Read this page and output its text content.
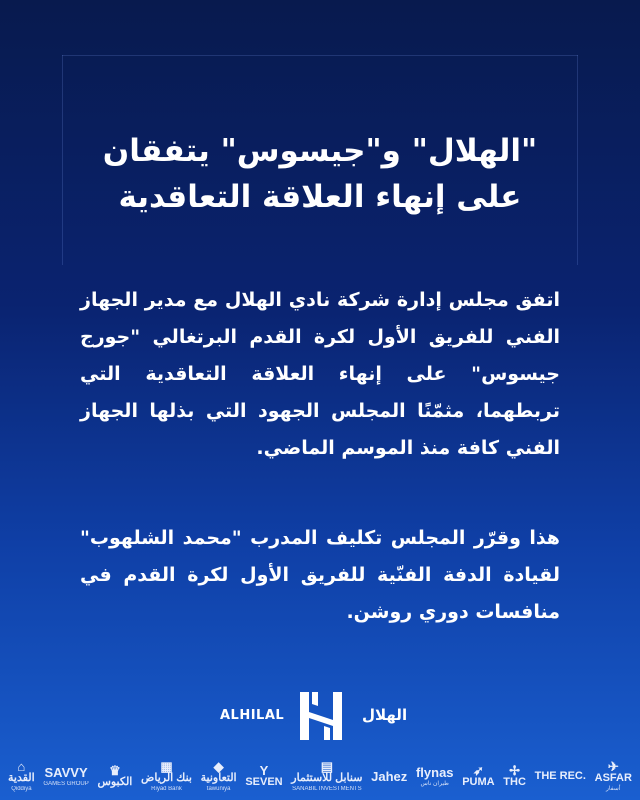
"الهلال" و"جيسوس" يتفقان
على إنهاء العلاقة التعاقدية

اتفق مجلس إدارة شركة نادي الهلال مع مدير الجهاز الفني للفريق الأول لكرة القدم البرتغالي "جورج جيسوس" على إنهاء العلاقة التعاقدية التي تربطهما، مثمّنًا المجلس الجهود التي بذلها الجهاز الفني كافة منذ الموسم الماضي.

هذا وقرّر المجلس تكليف المدرب "محمد الشلهوب" لقيادة الدفة الفنّية للفريق الأول لكرة القدم في منافسات دوري روشن.

ALHILAL	الهلال
⌂
القدية
Qiddiya
SAVVY
GAMES GROUP
♛
الكبوس
▦
بنك الرياض
Riyad Bank
◆
التعاونية
tawuniya
Y
SEVEN
▤
سنابل للاستثمار
SANABIL INVESTMENTS
Jahez flynas
طيران ناس
➶
PUMA
✢
THC
THE REC.
✈
ASFAR
أسفار
